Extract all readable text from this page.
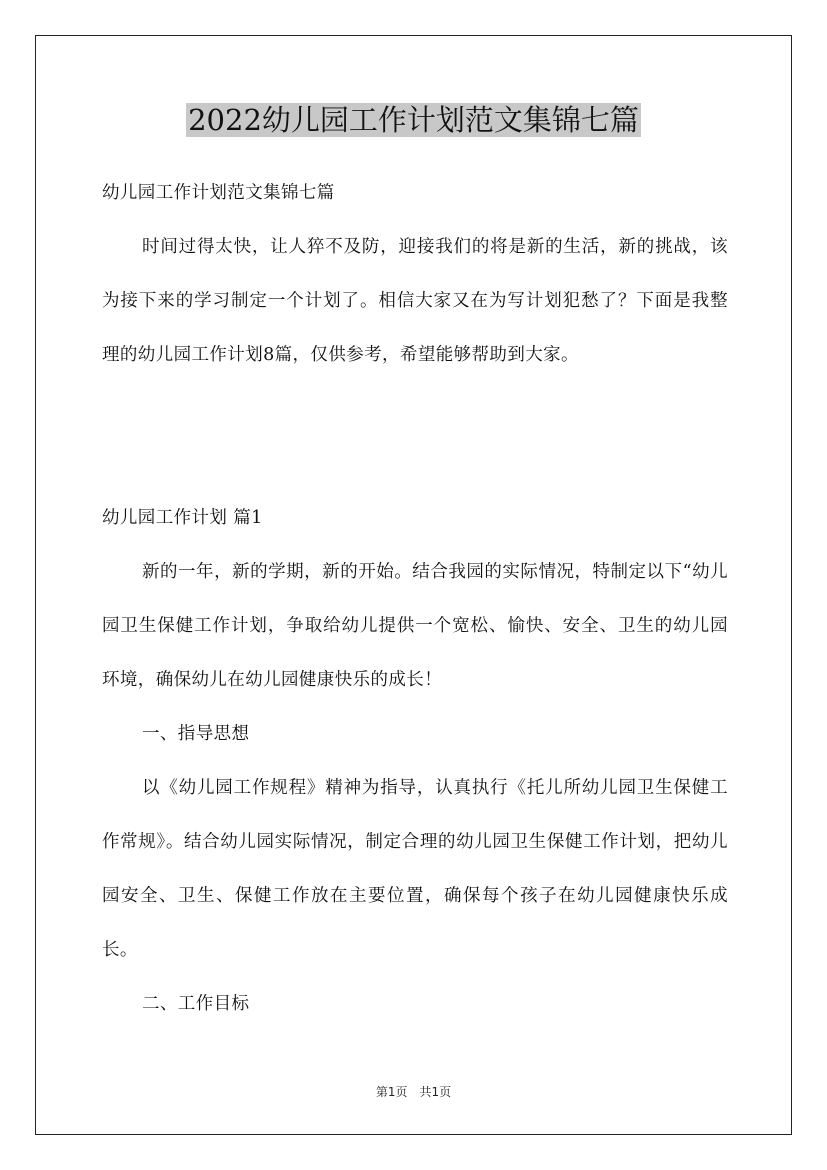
2022幼儿园工作计划范文集锦七篇

幼儿园工作计划范文集锦七篇

时间过得太快，让人猝不及防，迎接我们的将是新的生活，新的挑战，该为接下来的学习制定一个计划了。相信大家又在为写计划犯愁了？下面是我整理的幼儿园工作计划8篇，仅供参考，希望能够帮助到大家。

幼儿园工作计划 篇1

新的一年，新的学期，新的开始。结合我园的实际情况，特制定以下“幼儿园卫生保健工作计划，争取给幼儿提供一个宽松、愉快、安全、卫生的幼儿园环境，确保幼儿在幼儿园健康快乐的成长！

一、指导思想

以《幼儿园工作规程》精神为指导，认真执行《托儿所幼儿园卫生保健工作常规》。结合幼儿园实际情况，制定合理的幼儿园卫生保健工作计划，把幼儿园安全、卫生、保健工作放在主要位置，确保每个孩子在幼儿园健康快乐成长。

二、工作目标

第1页　共1页
